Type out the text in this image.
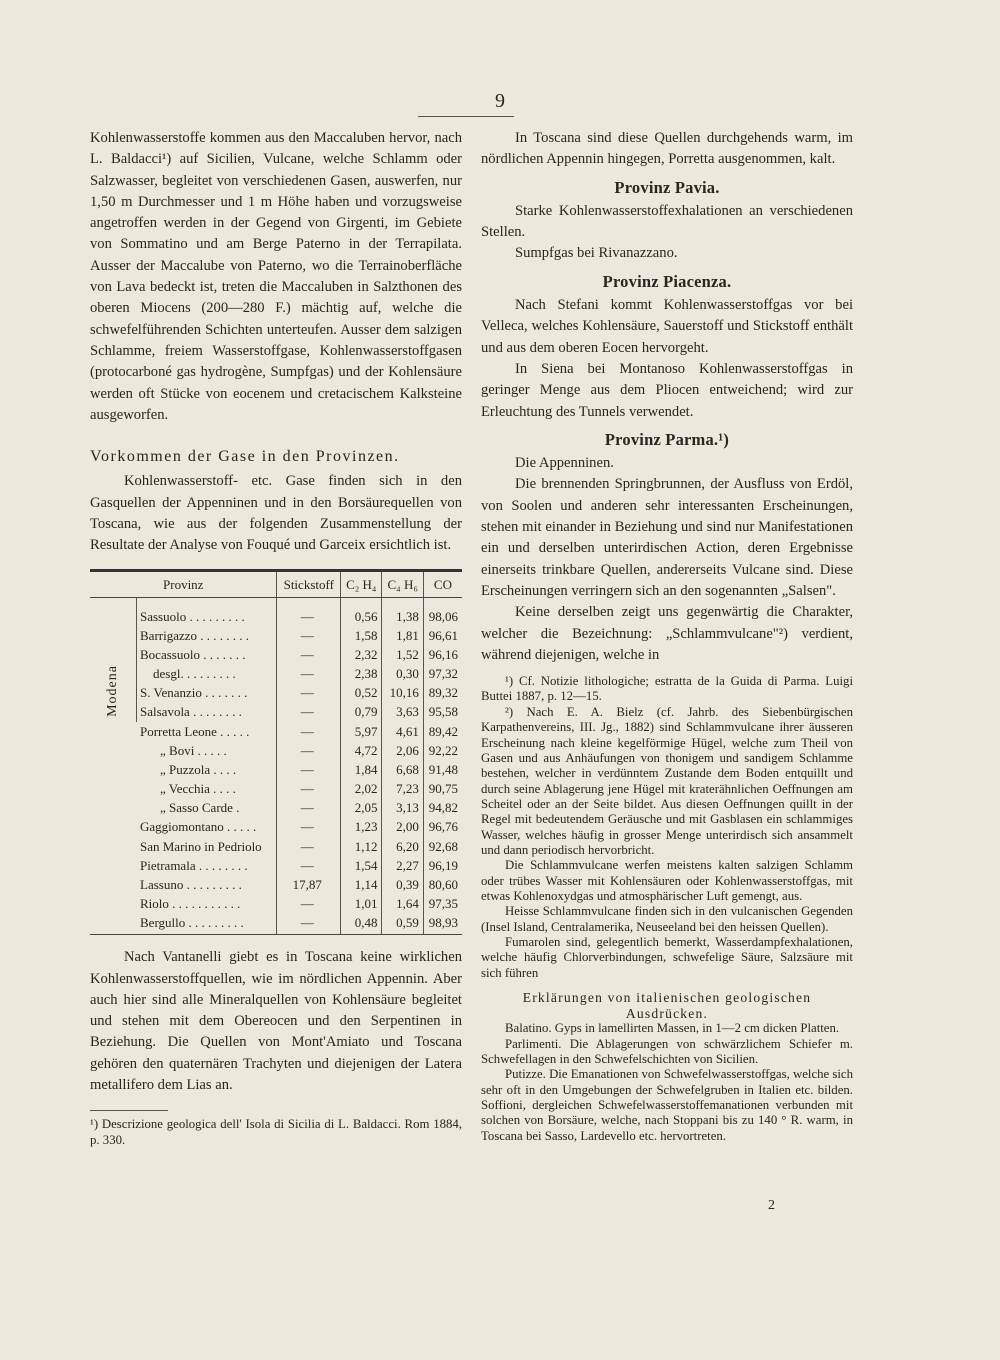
9

Kohlenwasserstoffe kommen aus den Maccaluben hervor, nach L. Baldacci¹) auf Sicilien, Vulcane, welche Schlamm oder Salzwasser, begleitet von verschiedenen Gasen, auswerfen, nur 1,50 m Durchmesser und 1 m Höhe haben und vorzugsweise angetroffen werden in der Gegend von Girgenti, im Gebiete von Sommatino und am Berge Paterno in der Terrapilata. Ausser der Maccalube von Paterno, wo die Terrainoberfläche von Lava bedeckt ist, treten die Maccaluben in Salzthonen des oberen Miocens (200—280 F.) mächtig auf, welche die schwefelführenden Schichten unterteufen. Ausser dem salzigen Schlamme, freiem Wasserstoffgase, Kohlenwasserstoffgasen (protocarboné gas hydrogène, Sumpfgas) und der Kohlensäure werden oft Stücke von eocenem und cretacischem Kalksteine ausgeworfen.

Vorkommen der Gase in den Provinzen.

Kohlenwasserstoff- etc. Gase finden sich in den Gasquellen der Appenninen und in den Borsäurequellen von Toscana, wie aus der folgenden Zusammenstellung der Resultate der Analyse von Fouqué und Garceix ersichtlich ist.

Provinz		Stickstoff	C₂ H₄	C₄ H₆	CO

Modena	Sassuolo . . . . . . . . .	—	0,56	1,38	98,06
	Barrigazzo . . . . . . . .	—	1,58	1,81	96,61
	Bocassuolo . . . . . . .	—	2,32	1,52	96,16
	desgl. . . . . . . . .	—	2,38	0,30	97,32
	S. Venanzio . . . . . . .	—	0,52	10,16	89,32
	Salsavola . . . . . . . .	—	0,79	3,63	95,58
Porretta Leone . . . . .		—	5,97	4,61	89,42
„ Bovi . . . . .		—	4,72	2,06	92,22
„ Puzzola . . . .		—	1,84	6,68	91,48
„ Vecchia . . . .		—	2,02	7,23	90,75
„ Sasso Carde .		—	2,05	3,13	94,82
Gaggiomontano . . . . .		—	1,23	2,00	96,76
San Marino in Pedriolo		—	1,12	6,20	92,68
Pietramala . . . . . . . .		—	1,54	2,27	96,19
Lassuno . . . . . . . . .		17,87	1,14	0,39	80,60
Riolo . . . . . . . . . . .		—	1,01	1,64	97,35
Bergullo . . . . . . . . .		—	0,48	0,59	98,93

Nach Vantanelli giebt es in Toscana keine wirklichen Kohlenwasserstoffquellen, wie im nördlichen Appennin. Aber auch hier sind alle Mineralquellen von Kohlensäure begleitet und stehen mit dem Obereocen und den Serpentinen in Beziehung. Die Quellen von Mont'Amiato und Toscana gehören den quaternären Trachyten und diejenigen der Latera metallifero dem Lias an.

¹) Descrizione geologica dell' Isola di Sicilia di L. Baldacci. Rom 1884, p. 330.

In Toscana sind diese Quellen durchgehends warm, im nördlichen Appennin hingegen, Porretta ausgenommen, kalt.

Provinz Pavia.

Starke Kohlenwasserstoffexhalationen an verschiedenen Stellen.

Sumpfgas bei Rivanazzano.

Provinz Piacenza.

Nach Stefani kommt Kohlenwasserstoffgas vor bei Velleca, welches Kohlensäure, Sauerstoff und Stickstoff enthält und aus dem oberen Eocen hervorgeht.

In Siena bei Montanoso Kohlenwasserstoffgas in geringer Menge aus dem Pliocen entweichend; wird zur Erleuchtung des Tunnels verwendet.

Provinz Parma.¹)

Die Appenninen.

Die brennenden Springbrunnen, der Ausfluss von Erdöl, von Soolen und anderen sehr interessanten Erscheinungen, stehen mit einander in Beziehung und sind nur Manifestationen ein und derselben unterirdischen Action, deren Ergebnisse einerseits trinkbare Quellen, andererseits Vulcane sind. Diese Erscheinungen verringern sich an den sogenannten „Salsen".

Keine derselben zeigt uns gegenwärtig die Charakter, welcher die Bezeichnung: „Schlammvulcane"²) verdient, während diejenigen, welche in

¹) Cf. Notizie lithologiche; estratta de la Guida di Parma. Luigi Buttei 1887, p. 12—15.

²) Nach E. A. Bielz (cf. Jahrb. des Siebenbürgischen Karpathenvereins, III. Jg., 1882) sind Schlammvulcane ihrer äusseren Erscheinung nach kleine kegelförmige Hügel, welche zum Theil von Gasen und aus Anhäufungen von thonigem und sandigem Schlamme bestehen, welcher in verdünntem Zustande dem Boden entquillt und durch seine Ablagerung jene Hügel mit kraterähnlichen Oeffnungen am Scheitel oder an der Seite bildet. Aus diesen Oeffnungen quillt in der Regel mit bedeutendem Geräusche und mit Gasblasen ein schlammiges Wasser, welches häufig in grosser Menge unterirdisch sich ansammelt und dann periodisch hervorbricht.

Die Schlammvulcane werfen meistens kalten salzigen Schlamm oder trübes Wasser mit Kohlensäuren oder Kohlenwasserstoffgas, mit etwas Kohlenoxydgas und atmosphärischer Luft gemengt, aus.

Heisse Schlammvulcane finden sich in den vulcanischen Gegenden (Insel Island, Centralamerika, Neuseeland bei den heissen Quellen).

Fumarolen sind, gelegentlich bemerkt, Wasserdampfexhalationen, welche häufig Chlorverbindungen, schwefelige Säure, Salzsäure mit sich führen

Erklärungen von italienischen geologischen Ausdrücken.

Balatino. Gyps in lamellirten Massen, in 1—2 cm dicken Platten.

Parlimenti. Die Ablagerungen von schwärzlichem Schiefer m. Schwefellagen in den Schwefelschichten von Sicilien.

Putizze. Die Emanationen von Schwefelwasserstoffgas, welche sich sehr oft in den Umgebungen der Schwefelgruben in Italien etc. bilden. Soffioni, dergleichen Schwefelwasserstoffemanationen verbunden mit solchen von Borsäure, welche, nach Stoppani bis zu 140 ° R. warm, in Toscana bei Sasso, Lardevello etc. hervortreten.

2
